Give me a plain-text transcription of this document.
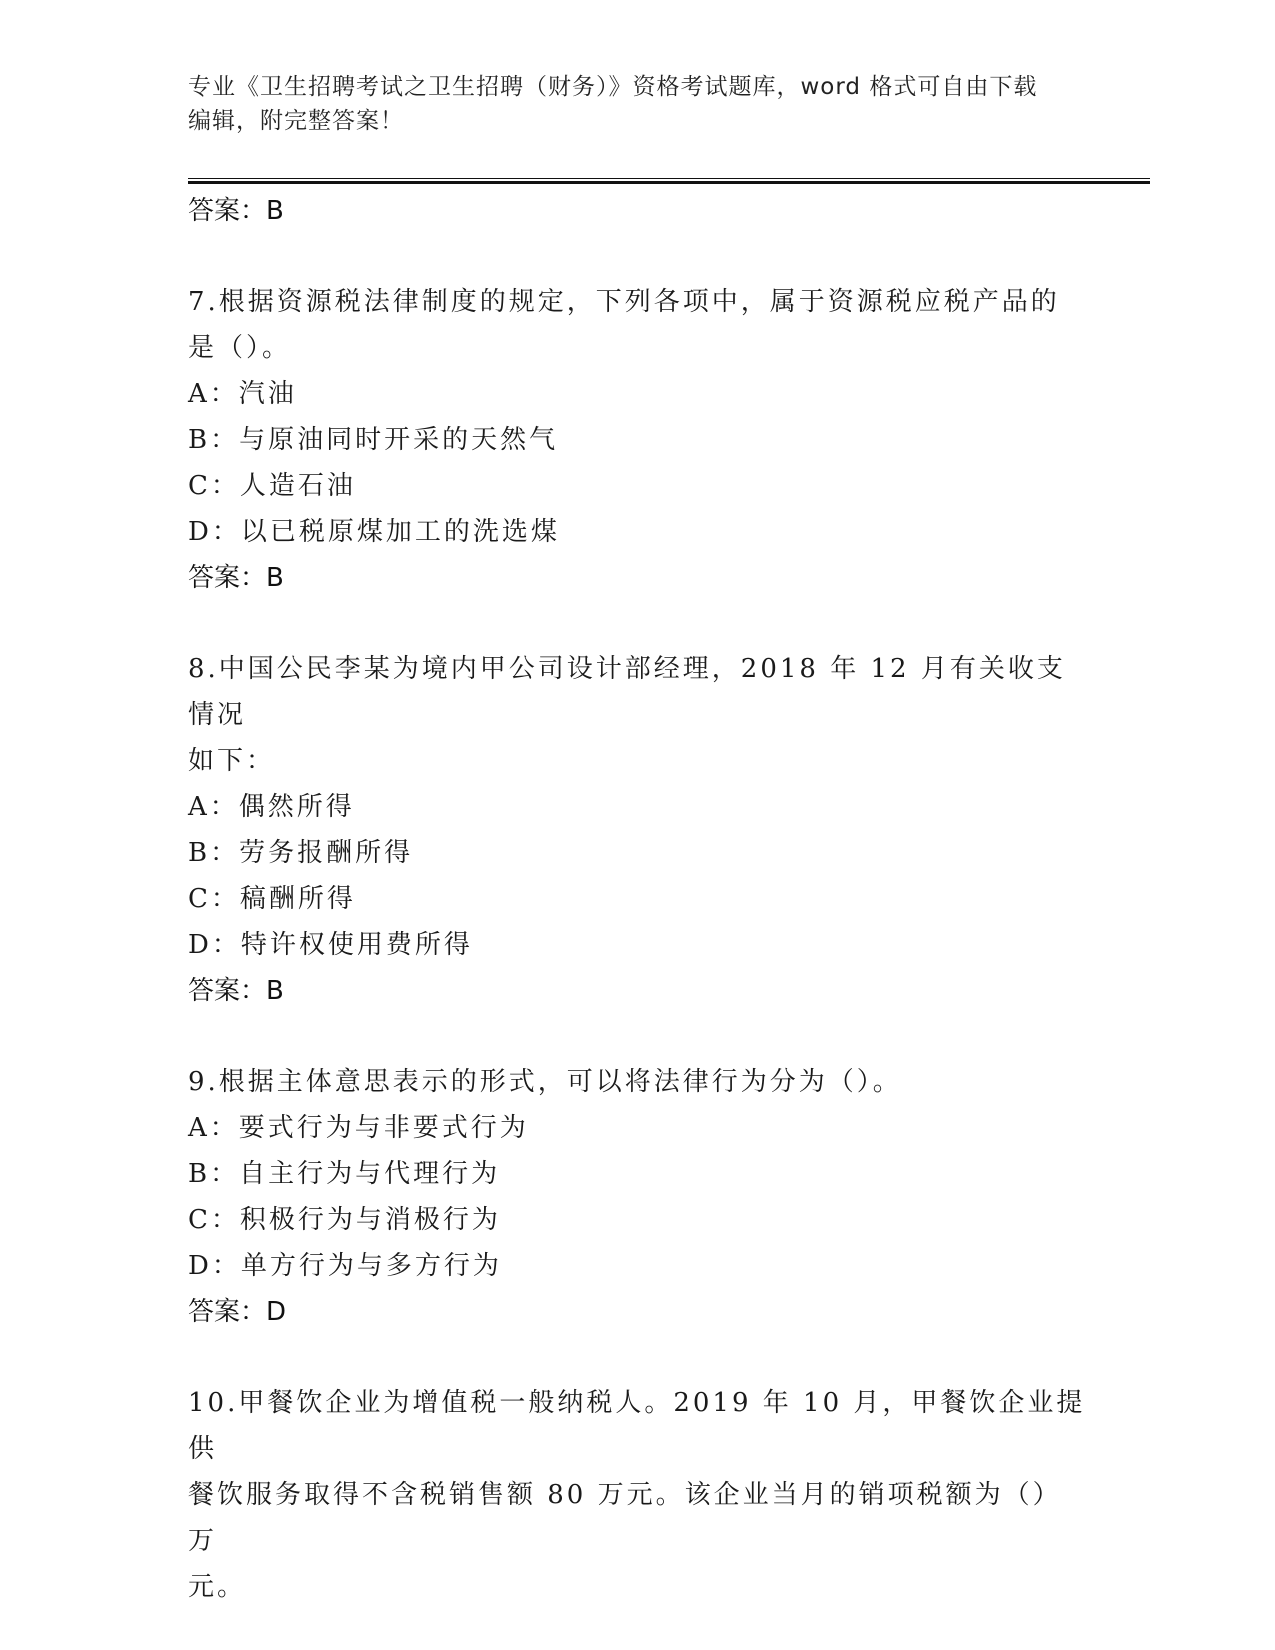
专业《卫生招聘考试之卫生招聘（财务）》资格考试题库，word 格式可自由下载
编辑，附完整答案！

答案：B

7.根据资源税法律制度的规定，下列各项中，属于资源税应税产品的

是（）。

A：汽油

B：与原油同时开采的天然气

C：人造石油

D：以已税原煤加工的洗选煤

答案：B

8.中国公民李某为境内甲公司设计部经理，2018 年 12 月有关收支情况

如下：

A：偶然所得

B：劳务报酬所得

C：稿酬所得

D：特许权使用费所得

答案：B

9.根据主体意思表示的形式，可以将法律行为分为（）。

A：要式行为与非要式行为

B：自主行为与代理行为

C：积极行为与消极行为

D：单方行为与多方行为

答案：D

10.甲餐饮企业为增值税一般纳税人。2019 年 10 月，甲餐饮企业提供

餐饮服务取得不含税销售额 80 万元。该企业当月的销项税额为（）万

元。
